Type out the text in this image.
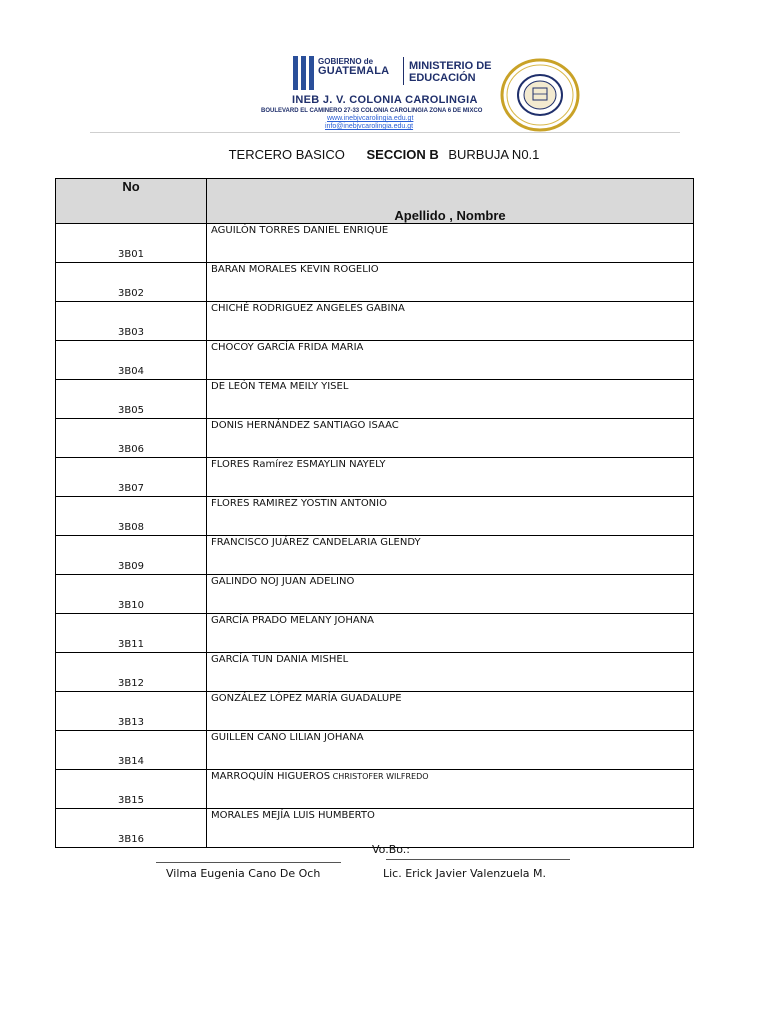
GOBIERNO de
GUATEMALA MINISTERIO DE
EDUCACIÓN
INEB J. V. COLONIA CAROLINGIA
BOULEVARD EL CAMINERO 27-33 COLONIA CAROLINGIA ZONA 6 DE MIXCO
www.inebjvcarolingia.edu.gt
info@inebjvcarolingia.edu.gt
TERCERO BASICO SECCION B BURBUJA N0.1
No	Apellido , Nombre
3B01	AGUILÓN TORRES DANIEL ENRIQUE
3B02	BARAN MORALES KEVIN ROGELIO
3B03	CHICHÉ RODRIGUEZ ANGELES GABINA
3B04	CHOCOY GARCÍA FRIDA MARIA
3B05	DE LEÓN TEMA MEILY YISEL
3B06	DONIS HERNÁNDEZ SANTIAGO ISAAC
3B07	FLORES Ramírez ESMAYLIN NAYELY
3B08	FLORES RAMIREZ YOSTIN ANTONIO
3B09	FRANCISCO JUÁREZ CANDELARIA GLENDY
3B10	GALINDO NOJ JUAN ADELINO
3B11	GARCÍA PRADO MELANY JOHANA
3B12	GARCÍA TUN DANIA MISHEL
3B13	GONZÁLEZ LÓPEZ MARÍA GUADALUPE
3B14	GUILLEN CANO LILIAN JOHANA
3B15	MARROQUÍN HIGUEROS CHRISTOFER WILFREDO
3B16	MORALES MEJÍA LUIS HUMBERTO
Vo.Bo.:
Vilma Eugenia Cano De Och	Lic. Erick Javier Valenzuela M.
